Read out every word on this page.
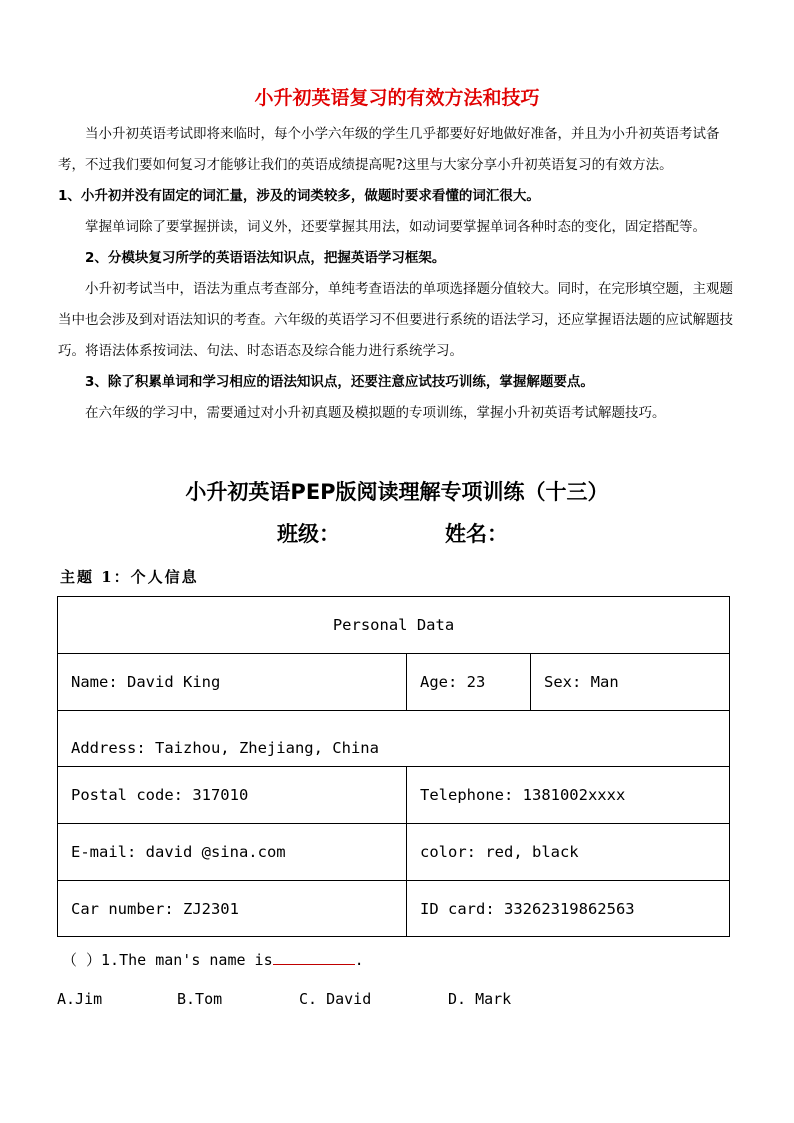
小升初英语复习的有效方法和技巧

当小升初英语考试即将来临时，每个小学六年级的学生几乎都要好好地做好准备，并且为小升初英语考试备考，不过我们要如何复习才能够让我们的英语成绩提高呢?这里与大家分享小升初英语复习的有效方法。

1、小升初并没有固定的词汇量，涉及的词类较多，做题时要求看懂的词汇很大。

掌握单词除了要掌握拼读，词义外，还要掌握其用法，如动词要掌握单词各种时态的变化，固定搭配等。

2、分模块复习所学的英语语法知识点，把握英语学习框架。

小升初考试当中，语法为重点考查部分，单纯考查语法的单项选择题分值较大。同时，在完形填空题，主观题当中也会涉及到对语法知识的考查。六年级的英语学习不但要进行系统的语法学习，还应掌握语法题的应试解题技巧。将语法体系按词法、句法、时态语态及综合能力进行系统学习。

3、除了积累单词和学习相应的语法知识点，还要注意应试技巧训练，掌握解题要点。

在六年级的学习中，需要通过对小升初真题及模拟题的专项训练，掌握小升初英语考试解题技巧。

小升初英语PEP版阅读理解专项训练（十三）
班级：	姓名：
主题 1：个人信息
Personal Data		
Name: David King	Age: 23	Sex: Man
Address: Taizhou, Zhejiang, China		
Postal code: 317010	Telephone: 1381002xxxx	
E-mail: david @sina.com	color: red, black	
Car number: ZJ2301	ID card: 33262319862563	
（ ）1.The man's name is	.
A.Jim	B.Tom	C. David	D. Mark
